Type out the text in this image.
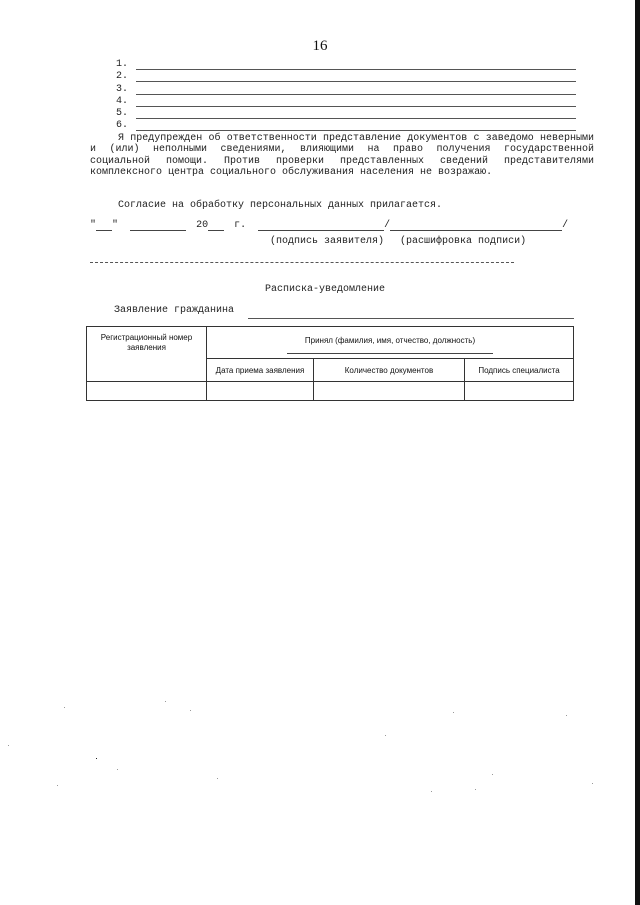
16
1.
2.
3.
4.
5.
6.

Я предупрежден об ответственности представление документов с заведомо неверными и (или) неполными сведениями, влияющими на право получения государственной социальной помощи. Против проверки представленных сведений представителями комплексного центра социального обслуживания населения не возражаю.

Согласие на обработку персональных данных прилагается.
" "	20	г.	/	/
(подпись заявителя) (расшифровка подписи)
Расписка-уведомление
Заявление гражданина
Регистрационный номер заявления	Принял (фамилия, имя, отчество, должность)		

	Дата приема заявления	Количество документов	Подпись специалиста
